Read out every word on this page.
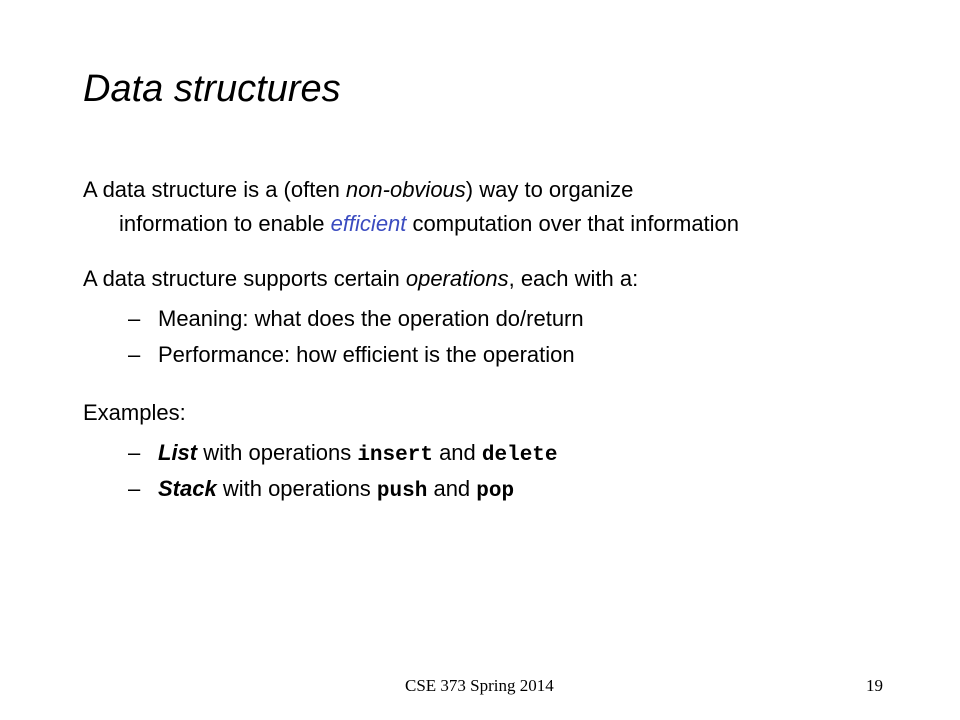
Data structures
A data structure is a (often non-obvious) way to organize
information to enable efficient computation over that information
A data structure supports certain operations, each with a:
– Meaning: what does the operation do/return
– Performance: how efficient is the operation
Examples:
– List with operations insert and delete
– Stack with operations push and pop
CSE 373 Spring 2014	19
